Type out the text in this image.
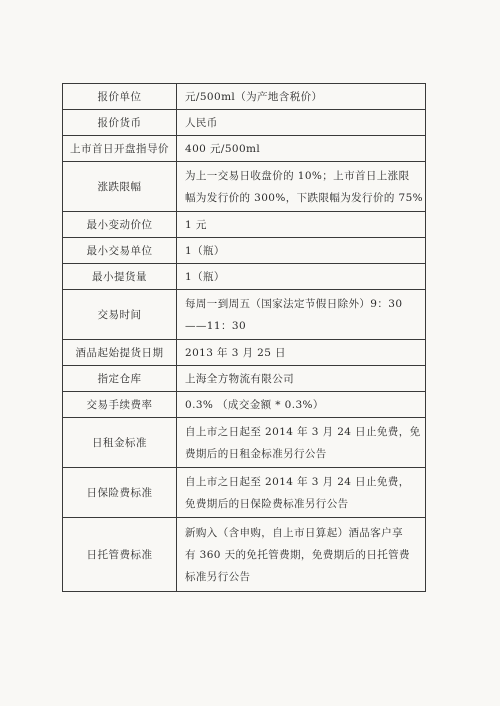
报价单位	元/500ml（为产地含税价）

报价货币	人民币

上市首日开盘指导价	400 元/500ml

涨跌限幅	为上一交易日收盘价的 10%；上市首日上涨限
幅为发行价的 300%，下跌限幅为发行价的 75%

最小变动价位	1 元

最小交易单位	1（瓶）

最小提货量	1（瓶）

交易时间	每周一到周五（国家法定节假日除外）9：30
——11：30

酒品起始提货日期	2013 年 3 月 25 日

指定仓库	上海全方物流有限公司

交易手续费率	0.3% （成交金额 * 0.3%）

日租金标准	自上市之日起至 2014 年 3 月 24 日止免费，免
费期后的日租金标准另行公告

日保险费标准	自上市之日起至 2014 年 3 月 24 日止免费，
免费期后的日保险费标准另行公告

日托管费标准	新购入（含申购，自上市日算起）酒品客户享
有 360 天的免托管费期，免费期后的日托管费
标准另行公告
